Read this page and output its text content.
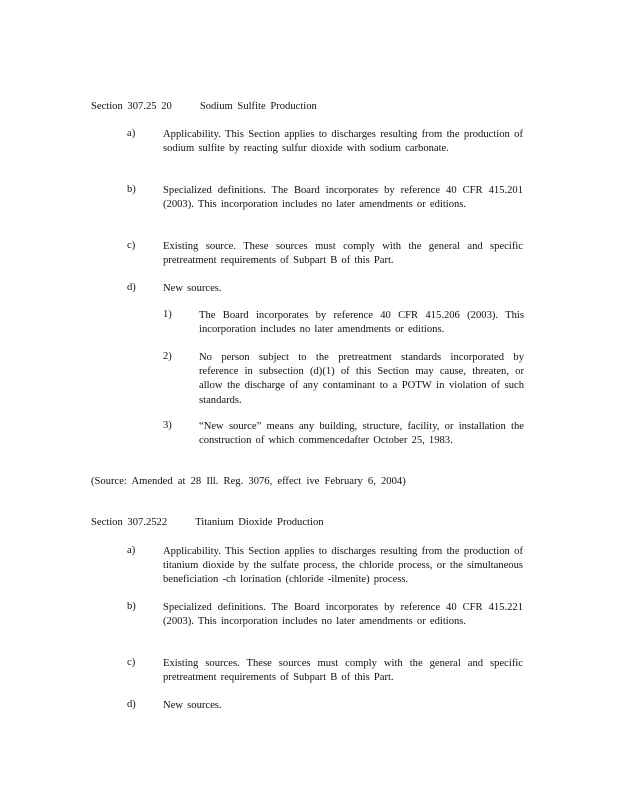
Section 307.25 20	Sodium Sulfite Production
a)	Applicability. This Section applies to discharges resulting from the production of sodium sulfite by reacting sulfur dioxide with sodium carbonate.
b)	Specialized definitions. The Board incorporates by reference 40 CFR 415.201 (2003). This incorporation includes no later amendments or editions.
c)	Existing source. These sources must comply with the general and specific pretreatment requirements of Subpart B of this Part.
d)	New sources.
1)	The Board incorporates by reference 40 CFR 415.206 (2003). This incorporation includes no later amendments or editions.
2)	No person subject to the pretreatment standards incorporated by reference in subsection (d)(1) of this Section may cause, threaten, or allow the discharge of any contaminant to a POTW in violation of such standards.
3)	“New source” means any building, structure, facility, or installation the construction of which commencedafter October 25, 1983.
(Source: Amended at 28 Ill. Reg. 3076, effect ive February 6, 2004)
Section 307.2522	Titanium Dioxide Production
a)	Applicability. This Section applies to discharges resulting from the production of titanium dioxide by the sulfate process, the chloride process, or the simultaneous beneficiation -ch lorination (chloride -ilmenite) process.
b)	Specialized definitions. The Board incorporates by reference 40 CFR 415.221 (2003). This incorporation includes no later amendments or editions.
c)	Existing sources. These sources must comply with the general and specific pretreatment requirements of Subpart B of this Part.
d)	New sources.
